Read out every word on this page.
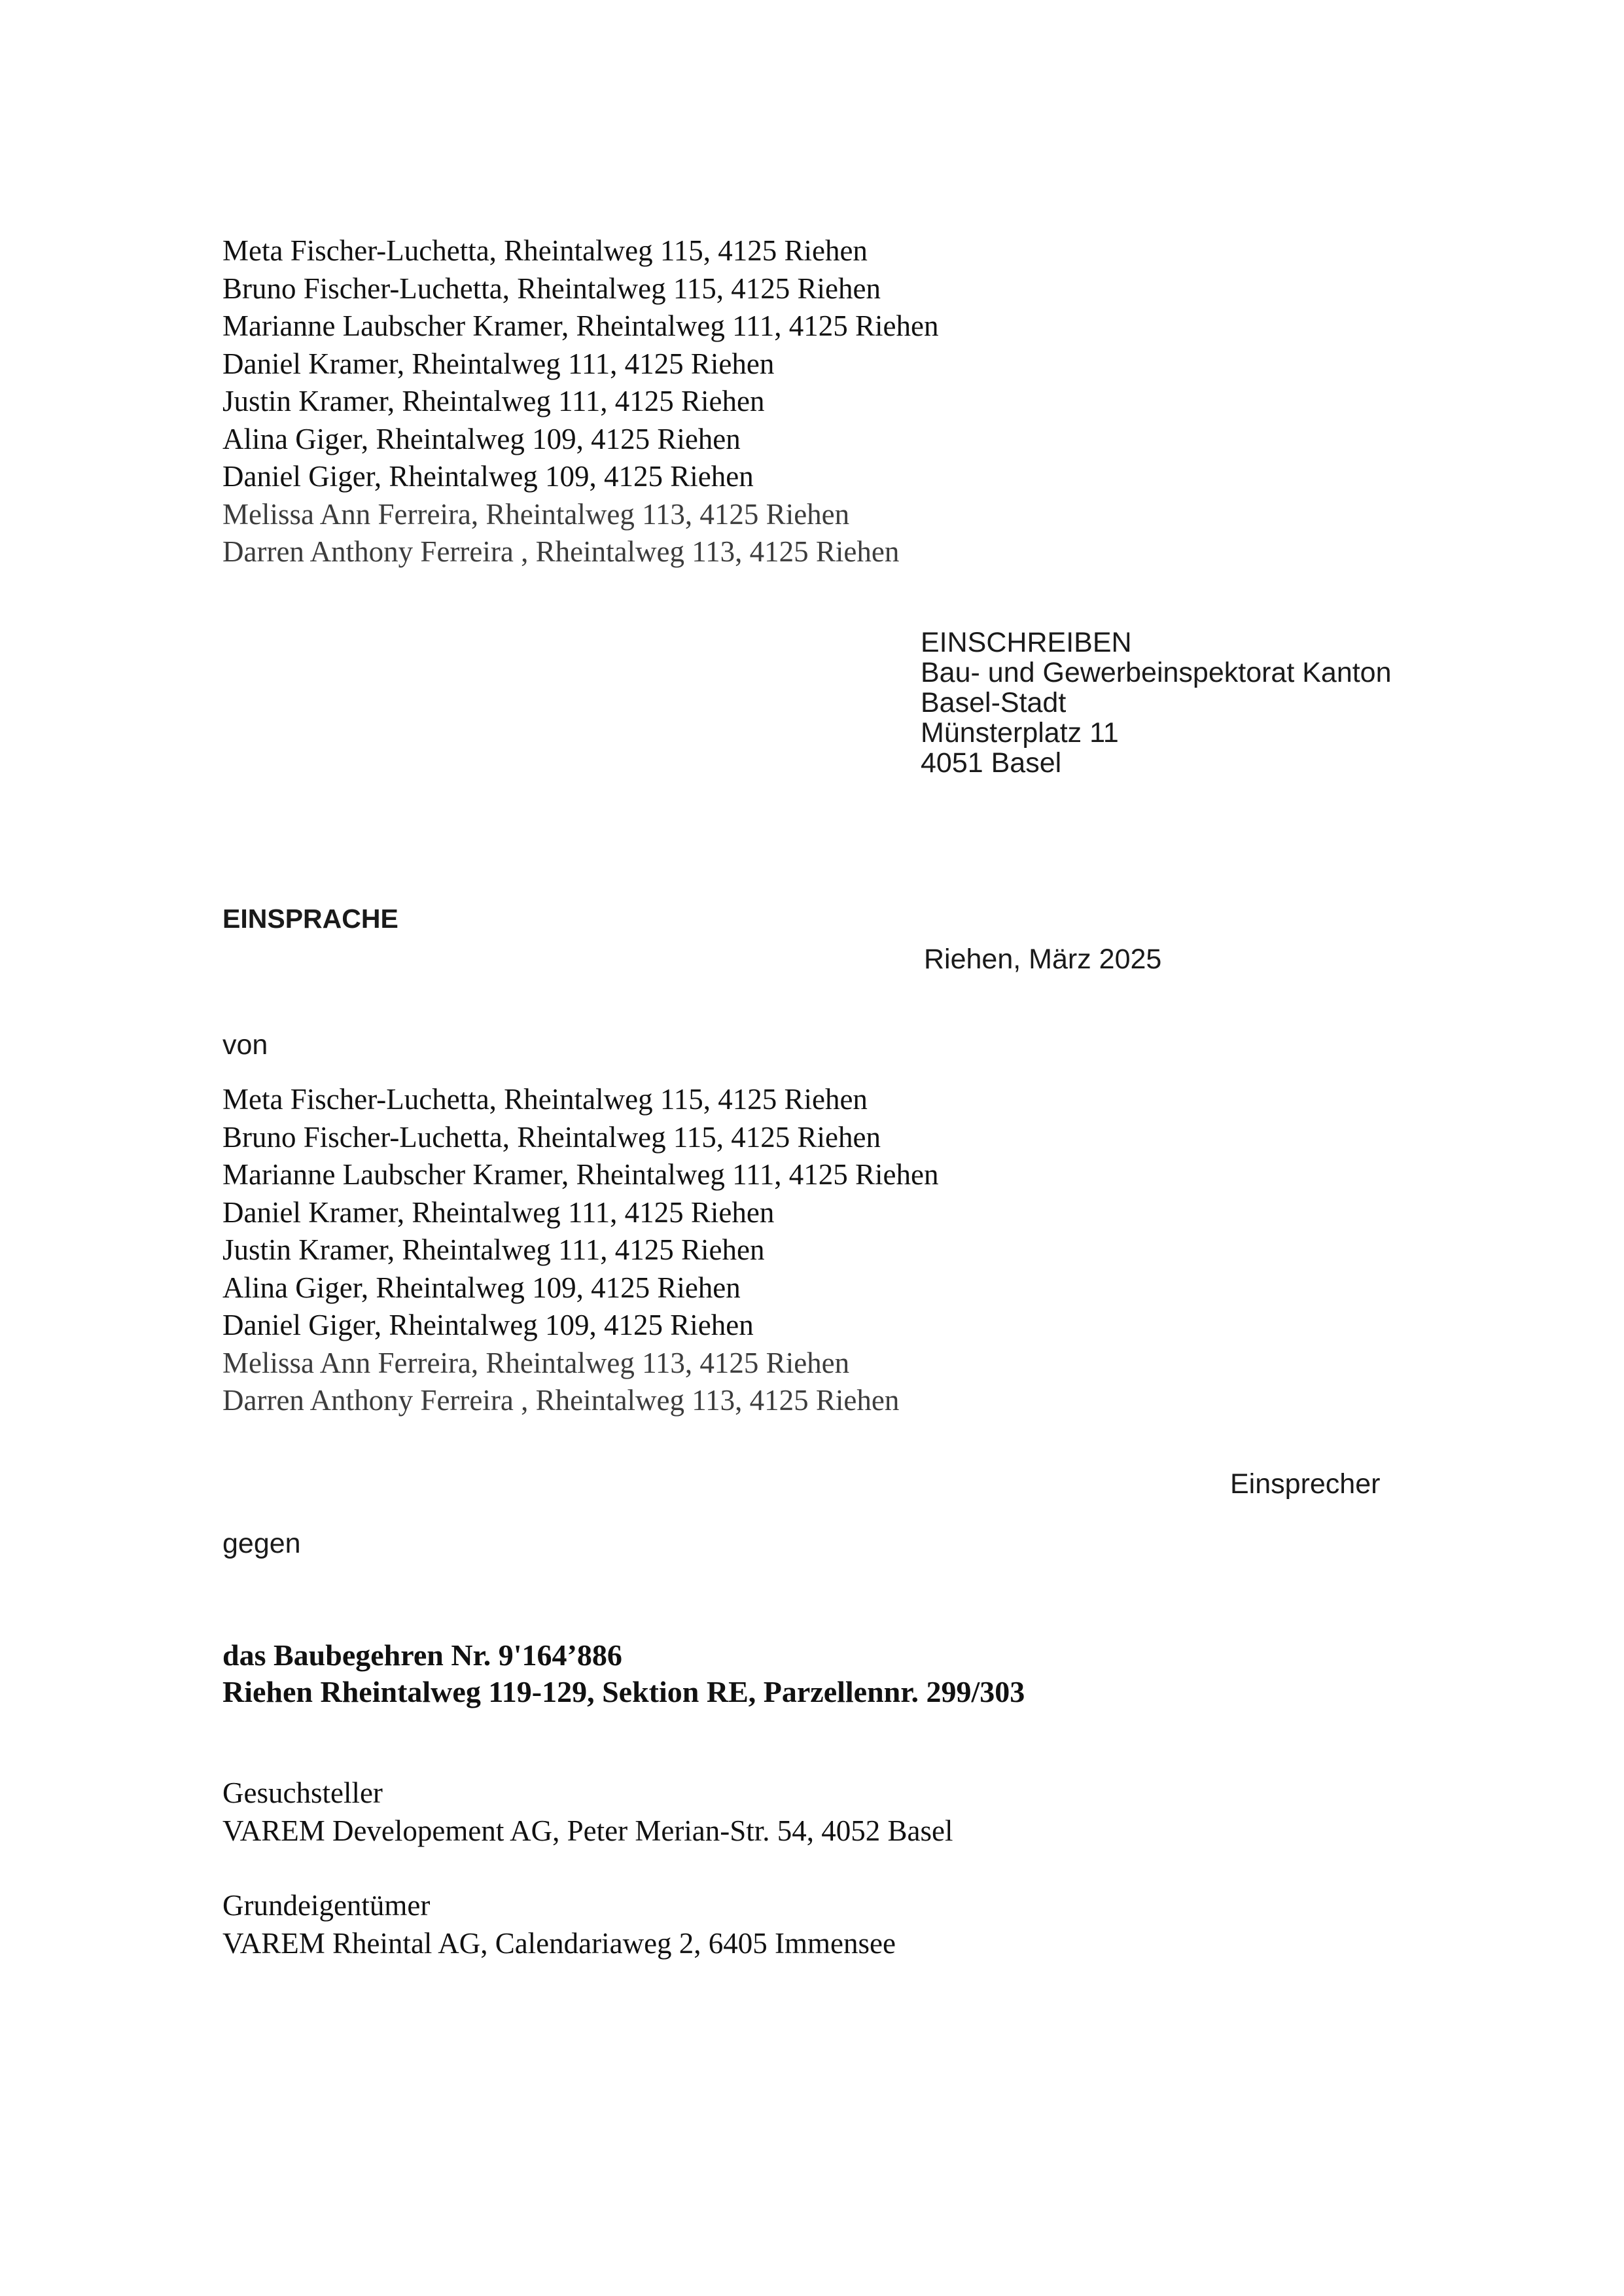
Meta Fischer-Luchetta, Rheintalweg 115, 4125 Riehen
Bruno Fischer-Luchetta, Rheintalweg 115, 4125 Riehen
Marianne Laubscher Kramer, Rheintalweg 111, 4125 Riehen
Daniel Kramer, Rheintalweg 111, 4125 Riehen
Justin Kramer, Rheintalweg 111, 4125 Riehen
Alina Giger, Rheintalweg 109, 4125 Riehen
Daniel Giger, Rheintalweg 109, 4125 Riehen
Melissa Ann Ferreira, Rheintalweg 113, 4125 Riehen
Darren Anthony Ferreira , Rheintalweg 113, 4125 Riehen
EINSCHREIBEN
Bau- und Gewerbeinspektorat Kanton
Basel-Stadt
Münsterplatz 11
4051 Basel
EINSPRACHE
Riehen, März 2025
von
Meta Fischer-Luchetta, Rheintalweg 115, 4125 Riehen
Bruno Fischer-Luchetta, Rheintalweg 115, 4125 Riehen
Marianne Laubscher Kramer, Rheintalweg 111, 4125 Riehen
Daniel Kramer, Rheintalweg 111, 4125 Riehen
Justin Kramer, Rheintalweg 111, 4125 Riehen
Alina Giger, Rheintalweg 109, 4125 Riehen
Daniel Giger, Rheintalweg 109, 4125 Riehen
Melissa Ann Ferreira, Rheintalweg 113, 4125 Riehen
Darren Anthony Ferreira , Rheintalweg 113, 4125 Riehen
Einsprecher
gegen
das Baubegehren Nr. 9'164’886
Riehen Rheintalweg 119-129, Sektion RE, Parzellennr. 299/303
Gesuchsteller
VAREM Developement AG, Peter Merian-Str. 54, 4052 Basel
Grundeigentümer
VAREM Rheintal AG, Calendariaweg 2, 6405 Immensee
